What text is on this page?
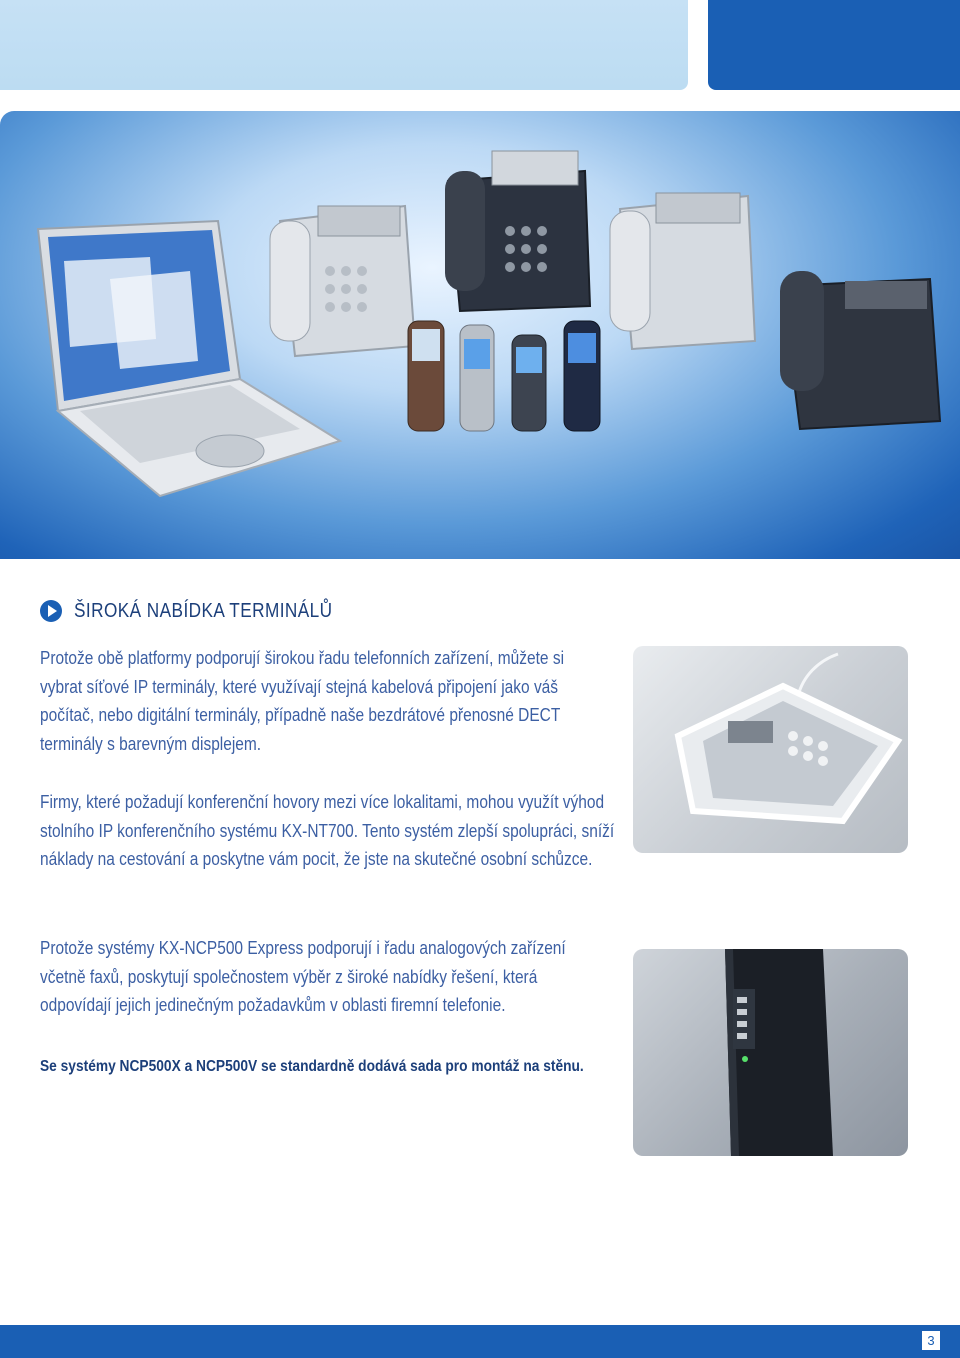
ŠIROKÁ NABÍDKA TERMINÁLŮ

Protože obě platformy podporují širokou řadu telefonních zařízení, můžete si vybrat síťové IP terminály, které využívají stejná kabelová připojení jako váš počítač, nebo digitální terminály, případně naše bezdrátové přenosné DECT terminály s barevným displejem.

Firmy, které požadují konferenční hovory mezi více lokalitami, mohou využít výhod stolního IP konferenčního systému KX-NT700. Tento systém zlepší spolupráci, sníží náklady na cestování a poskytne vám pocit, že jste na skutečné osobní schůzce.

Protože systémy KX-NCP500 Express podporují i řadu analogových zařízení včetně faxů, poskytují společnostem výběr z široké nabídky řešení, která odpovídají jejich jedinečným požadavkům v oblasti firemní telefonie.

Se systémy NCP500X a NCP500V se standardně dodává sada pro montáž na stěnu.

3
